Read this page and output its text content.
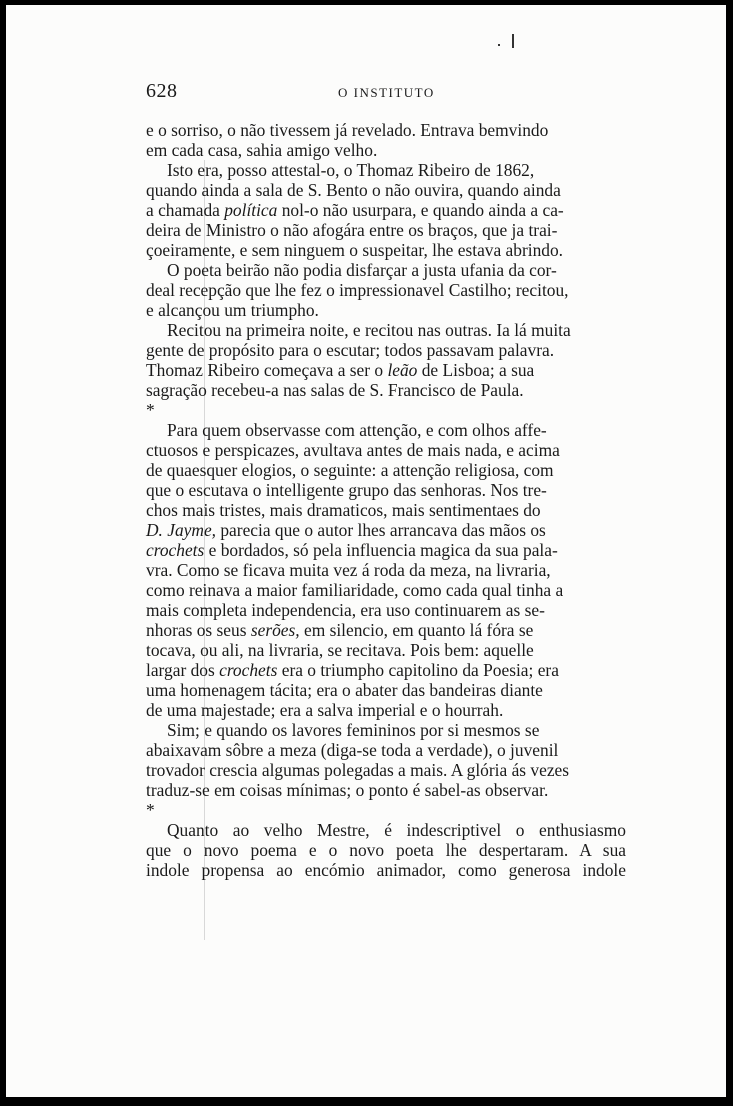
628	O INSTITUTO

e o sorriso, o não tivessem já revelado. Entrava bemvindo
em cada casa, sahia amigo velho.

Isto era, posso attestal-o, o Thomaz Ribeiro de 1862,
quando ainda a sala de S. Bento o não ouvira, quando ainda
a chamada política nol-o não usurpara, e quando ainda a ca-
deira de Ministro o não afogára entre os braços, que ja trai-
çoeiramente, e sem ninguem o suspeitar, lhe estava abrindo.

O poeta beirão não podia disfarçar a justa ufania da cor-
deal recepção que lhe fez o impressionavel Castilho; recitou,
e alcançou um triumpho.

Recitou na primeira noite, e recitou nas outras. Ia lá muita
gente de propósito para o escutar; todos passavam palavra.
Thomaz Ribeiro começava a ser o leão de Lisboa; a sua
sagração recebeu-a nas salas de S. Francisco de Paula.

*

Para quem observasse com attenção, e com olhos affe-
ctuosos e perspicazes, avultava antes de mais nada, e acima
de quaesquer elogios, o seguinte: a attenção religiosa, com
que o escutava o intelligente grupo das senhoras. Nos tre-
chos mais tristes, mais dramaticos, mais sentimentaes do
D. Jayme, parecia que o autor lhes arrancava das mãos os
crochets e bordados, só pela influencia magica da sua pala-
vra. Como se ficava muita vez á roda da meza, na livraria,
como reinava a maior familiaridade, como cada qual tinha a
mais completa independencia, era uso continuarem as se-
nhoras os seus serões, em silencio, em quanto lá fóra se
tocava, ou ali, na livraria, se recitava. Pois bem: aquelle
largar dos crochets era o triumpho capitolino da Poesia; era
uma homenagem tácita; era o abater das bandeiras diante
de uma majestade; era a salva imperial e o hourrah.

Sim; e quando os lavores femininos por si mesmos se
abaixavam sôbre a meza (diga-se toda a verdade), o juvenil
trovador crescia algumas polegadas a mais. A glória ás vezes
traduz-se em coisas mínimas; o ponto é sabel-as observar.

*

Quanto ao velho Mestre, é indescriptivel o enthusiasmo
que o novo poema e o novo poeta lhe despertaram. A sua
indole propensa ao encómio animador, como generosa indole
